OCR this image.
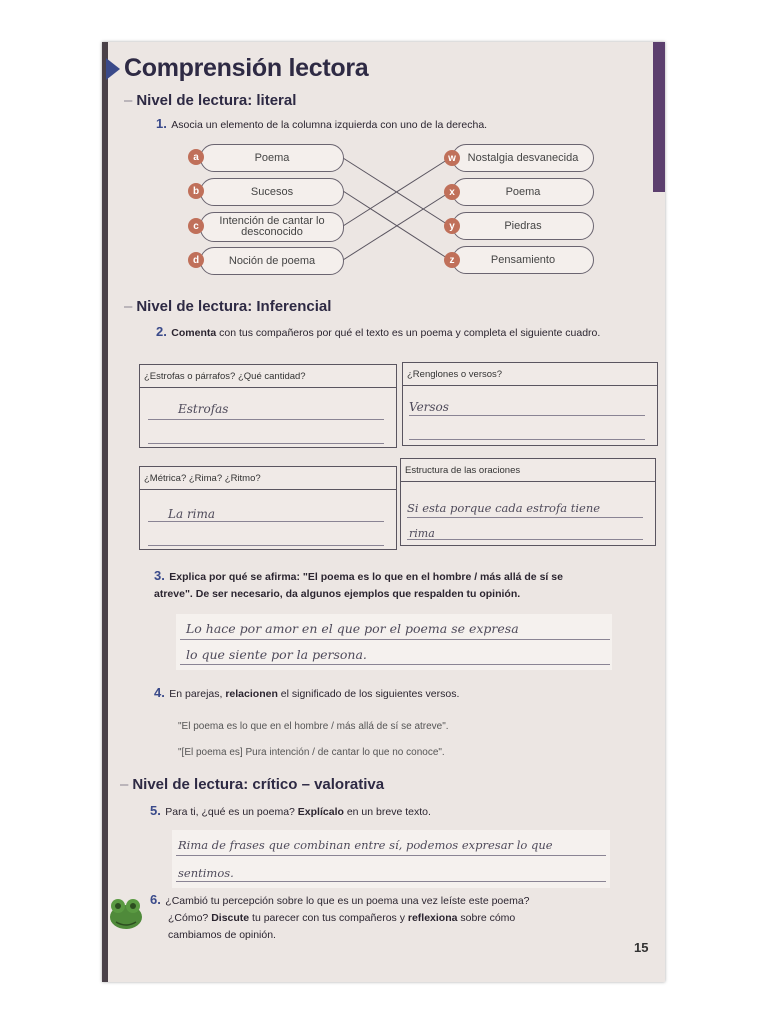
Comprensión lectora
– Nivel de lectura: literal
1. Asocia un elemento de la columna izquierda con uno de la derecha.
Poema
a
Sucesos
b
Intención de cantar lo desconocido
c
Noción de poema
d
Nostalgia desvanecida
w
Poema
x
Piedras
y
Pensamiento
z
– Nivel de lectura: Inferencial
2. Comenta con tus compañeros por qué el texto es un poema y completa el siguiente cuadro.
¿Estrofas o párrafos? ¿Qué cantidad?
Estrofas
¿Renglones o versos?
Versos
¿Métrica? ¿Rima? ¿Ritmo?
La rima
Estructura de las oraciones
Si esta porque cada estrofa tiene
rima
3. Explica por qué se afirma: "El poema es lo que en el hombre / más allá de sí se atreve". De ser necesario, da algunos ejemplos que respalden tu opinión.
Lo hace por amor en el que por el poema se expresa
lo que siente por la persona.
4. En parejas, relacionen el significado de los siguientes versos.
"El poema es lo que en el hombre / más allá de sí se atreve".
"[El poema es] Pura intención / de cantar lo que no conoce".
– Nivel de lectura: crítico – valorativa
5. Para ti, ¿qué es un poema? Explícalo en un breve texto.
Rima de frases que combinan entre sí, podemos expresar lo que
sentimos.
6. ¿Cambió tu percepción sobre lo que es un poema una vez leíste este poema?
¿Cómo? Discute tu parecer con tus compañeros y reflexiona sobre cómo
cambiamos de opinión.
15
